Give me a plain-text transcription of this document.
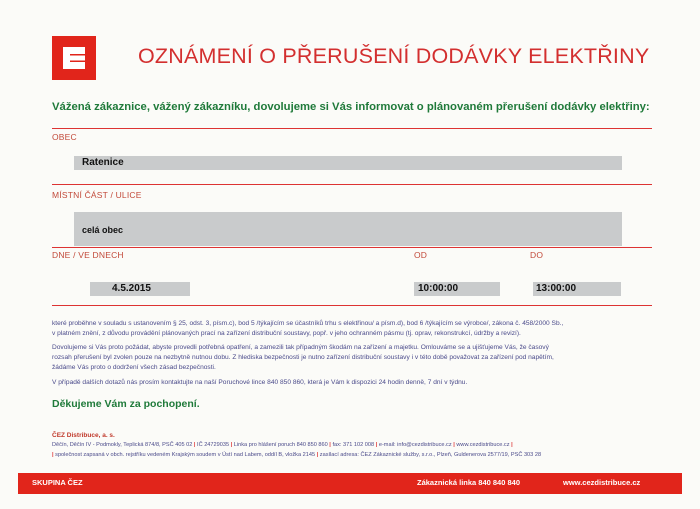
OZNÁMENÍ O PŘERUŠENÍ DODÁVKY ELEKTŘINY
Vážená zákaznice, vážený zákazníku, dovolujeme si Vás informovat o plánovaném přerušení dodávky elektřiny:
OBEC
Ratenice
MÍSTNÍ ČÁST / ULICE
celá obec
DNE / VE DNECH	OD	DO
4.5.2015	10:00:00	13:00:00
které proběhne v souladu s ustanovením § 25, odst. 3, písm.c), bod 5 /týkajícím se účastníků trhu s elektřinou/ a písm.d), bod 6 /týkajícím se výrobce/, zákona č. 458/2000 Sb.,
v platném znění, z důvodu provádění plánovaných prací na zařízení distribuční soustavy, popř. v jeho ochranném pásmu (tj. oprav, rekonstrukcí, údržby a revizí).
Dovolujeme si Vás proto požádat, abyste provedli potřebná opatření, a zamezili tak případným škodám na zařízení a majetku. Omlouváme se a ujišťujeme Vás, že časový
rozsah přerušení byl zvolen pouze na nezbytně nutnou dobu. Z hlediska bezpečnosti je nutno zařízení distribuční soustavy i v této době považovat za zařízení pod napětím,
žádáme Vás proto o dodržení všech zásad bezpečnosti.
V případě dalších dotazů nás prosím kontaktujte na naší Poruchové lince 840 850 860, která je Vám k dispozici 24 hodin denně, 7 dní v týdnu.
Děkujeme Vám za pochopení.
ČEZ Distribuce, a. s.
Děčín, Děčín IV - Podmokly, Teplická 874/8, PSČ 405 02 | IČ 24729035 | Linka pro hlášení poruch 840 850 860 | fax: 371 102 008 | e-mail: info@cezdistribuce.cz | www.cezdistribuce.cz |
| společnost zapsaná v obch. rejstříku vedeném Krajským soudem v Ústí nad Labem, oddíl B, vložka 2145 | zasílací adresa: ČEZ Zákaznické služby, s.r.o., Plzeň, Guldenerova 2577/19, PSČ 303 28
SKUPINA ČEZ	Zákaznická linka 840 840 840	www.cezdistribuce.cz
